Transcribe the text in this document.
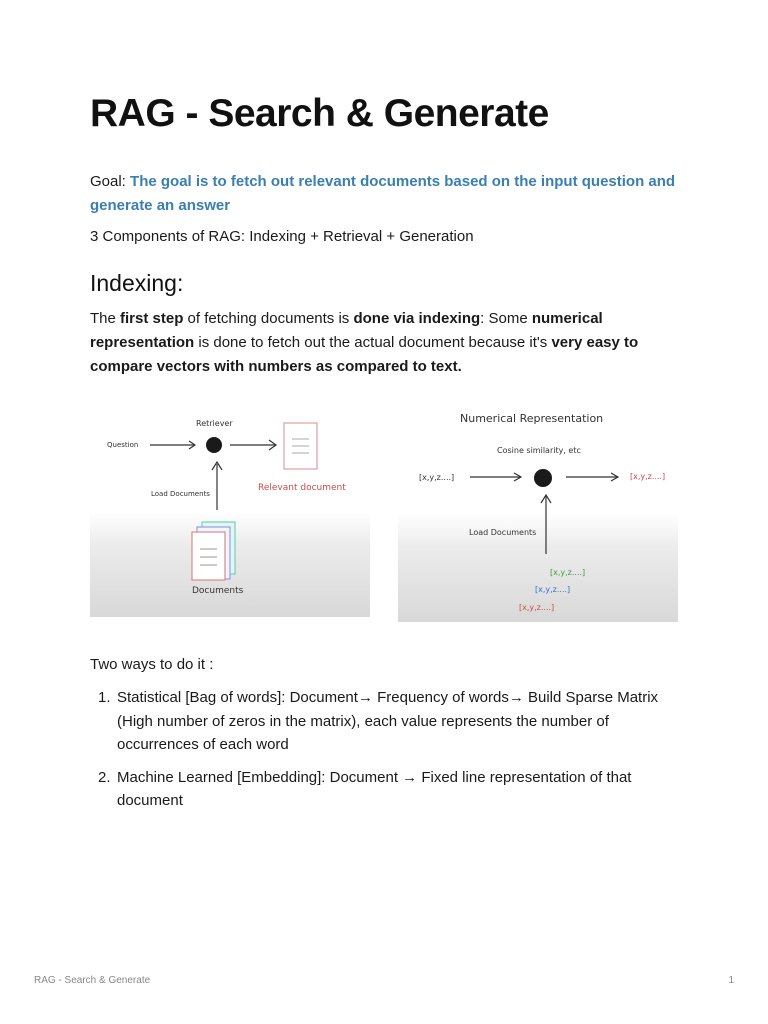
RAG - Search & Generate
Goal: The goal is to fetch out relevant documents based on the input question and generate an answer
3 Components of RAG: Indexing + Retrieval + Generation
Indexing:
The first step of fetching documents is done via indexing: Some numerical representation is done to fetch out the actual document because it's very easy to compare vectors with numbers as compared to text.
Retriever
Question
Relevant document
Load Documents
Documents
Numerical Representation
Cosine similarity, etc
[x,y,z....]	[x,y,z....]
Load Documents
[x,y,z....]
[x,y,z....]
[x,y,z....]
Two ways to do it :
1. Statistical [Bag of words]: Document→ Frequency of words→ Build Sparse Matrix (High number of zeros in the matrix), each value represents the number of occurrences of each word
2. Machine Learned [Embedding]: Document → Fixed line representation of that document
RAG - Search & Generate	1
